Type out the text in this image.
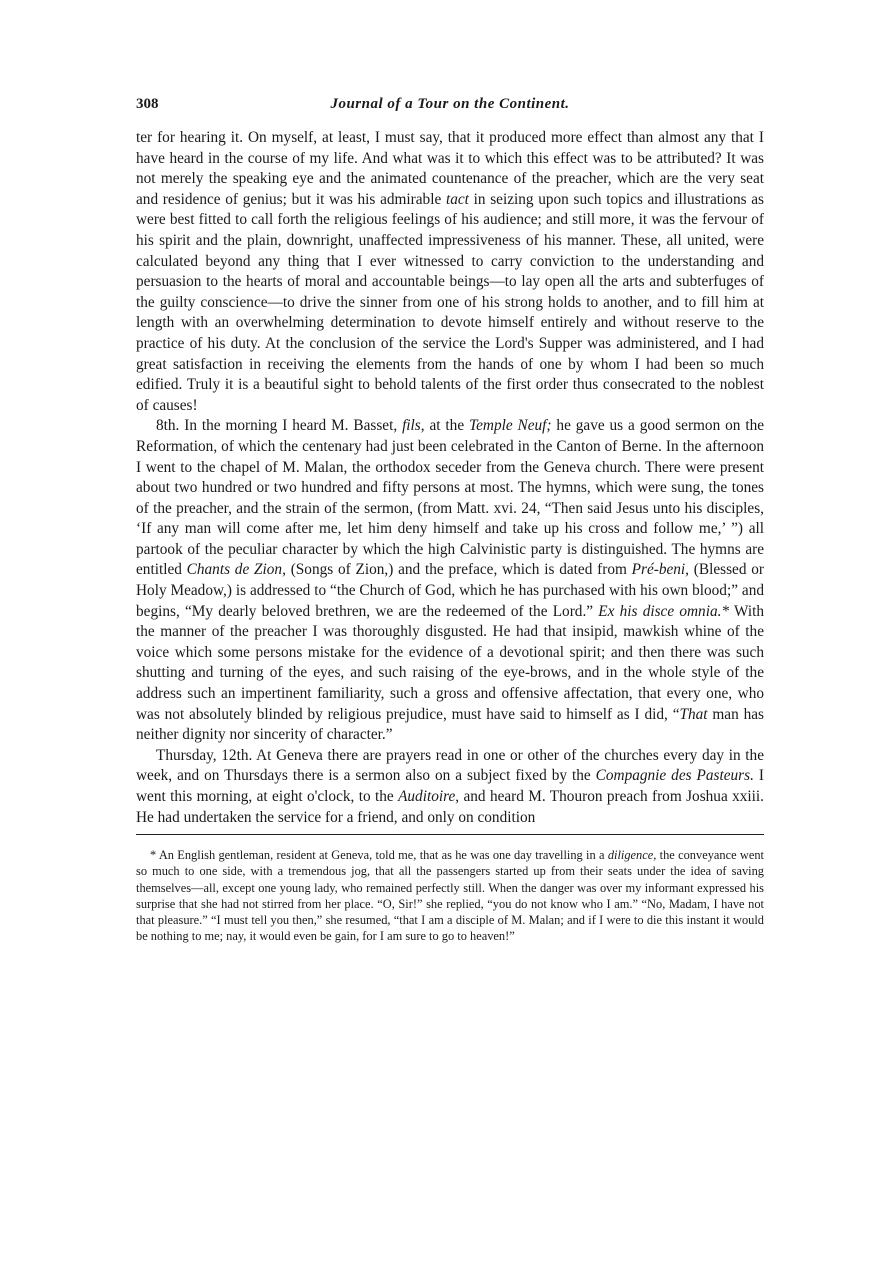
308	Journal of a Tour on the Continent.

ter for hearing it. On myself, at least, I must say, that it produced more effect than almost any that I have heard in the course of my life. And what was it to which this effect was to be attributed? It was not merely the speaking eye and the animated countenance of the preacher, which are the very seat and residence of genius; but it was his admirable tact in seizing upon such topics and illustrations as were best fitted to call forth the religious feelings of his audience; and still more, it was the fervour of his spirit and the plain, downright, unaffected impressiveness of his manner. These, all united, were calculated beyond any thing that I ever witnessed to carry conviction to the understanding and persuasion to the hearts of moral and accountable beings—to lay open all the arts and subterfuges of the guilty conscience—to drive the sinner from one of his strong holds to another, and to fill him at length with an overwhelming determination to devote himself entirely and without reserve to the practice of his duty. At the conclusion of the service the Lord's Supper was administered, and I had great satisfaction in receiving the elements from the hands of one by whom I had been so much edified. Truly it is a beautiful sight to behold talents of the first order thus consecrated to the noblest of causes!

8th. In the morning I heard M. Basset, fils, at the Temple Neuf; he gave us a good sermon on the Reformation, of which the centenary had just been celebrated in the Canton of Berne. In the afternoon I went to the chapel of M. Malan, the orthodox seceder from the Geneva church. There were present about two hundred or two hundred and fifty persons at most. The hymns, which were sung, the tones of the preacher, and the strain of the sermon, (from Matt. xvi. 24, “Then said Jesus unto his disciples, ‘If any man will come after me, let him deny himself and take up his cross and follow me,’ ”) all partook of the peculiar character by which the high Calvinistic party is distinguished. The hymns are entitled Chants de Zion, (Songs of Zion,) and the preface, which is dated from Pré-beni, (Blessed or Holy Meadow,) is addressed to “the Church of God, which he has purchased with his own blood;” and begins, “My dearly beloved brethren, we are the redeemed of the Lord.” Ex his disce omnia.* With the manner of the preacher I was thoroughly disgusted. He had that insipid, mawkish whine of the voice which some persons mistake for the evidence of a devotional spirit; and then there was such shutting and turning of the eyes, and such raising of the eye-brows, and in the whole style of the address such an impertinent familiarity, such a gross and offensive affectation, that every one, who was not absolutely blinded by religious prejudice, must have said to himself as I did, “That man has neither dignity nor sincerity of character.”

Thursday, 12th. At Geneva there are prayers read in one or other of the churches every day in the week, and on Thursdays there is a sermon also on a subject fixed by the Compagnie des Pasteurs. I went this morning, at eight o'clock, to the Auditoire, and heard M. Thouron preach from Joshua xxiii. He had undertaken the service for a friend, and only on condition

* An English gentleman, resident at Geneva, told me, that as he was one day travelling in a diligence, the conveyance went so much to one side, with a tremendous jog, that all the passengers started up from their seats under the idea of saving themselves—all, except one young lady, who remained perfectly still. When the danger was over my informant expressed his surprise that she had not stirred from her place. “O, Sir!” she replied, “you do not know who I am.” “No, Madam, I have not that pleasure.” “I must tell you then,” she resumed, “that I am a disciple of M. Malan; and if I were to die this instant it would be nothing to me; nay, it would even be gain, for I am sure to go to heaven!”
